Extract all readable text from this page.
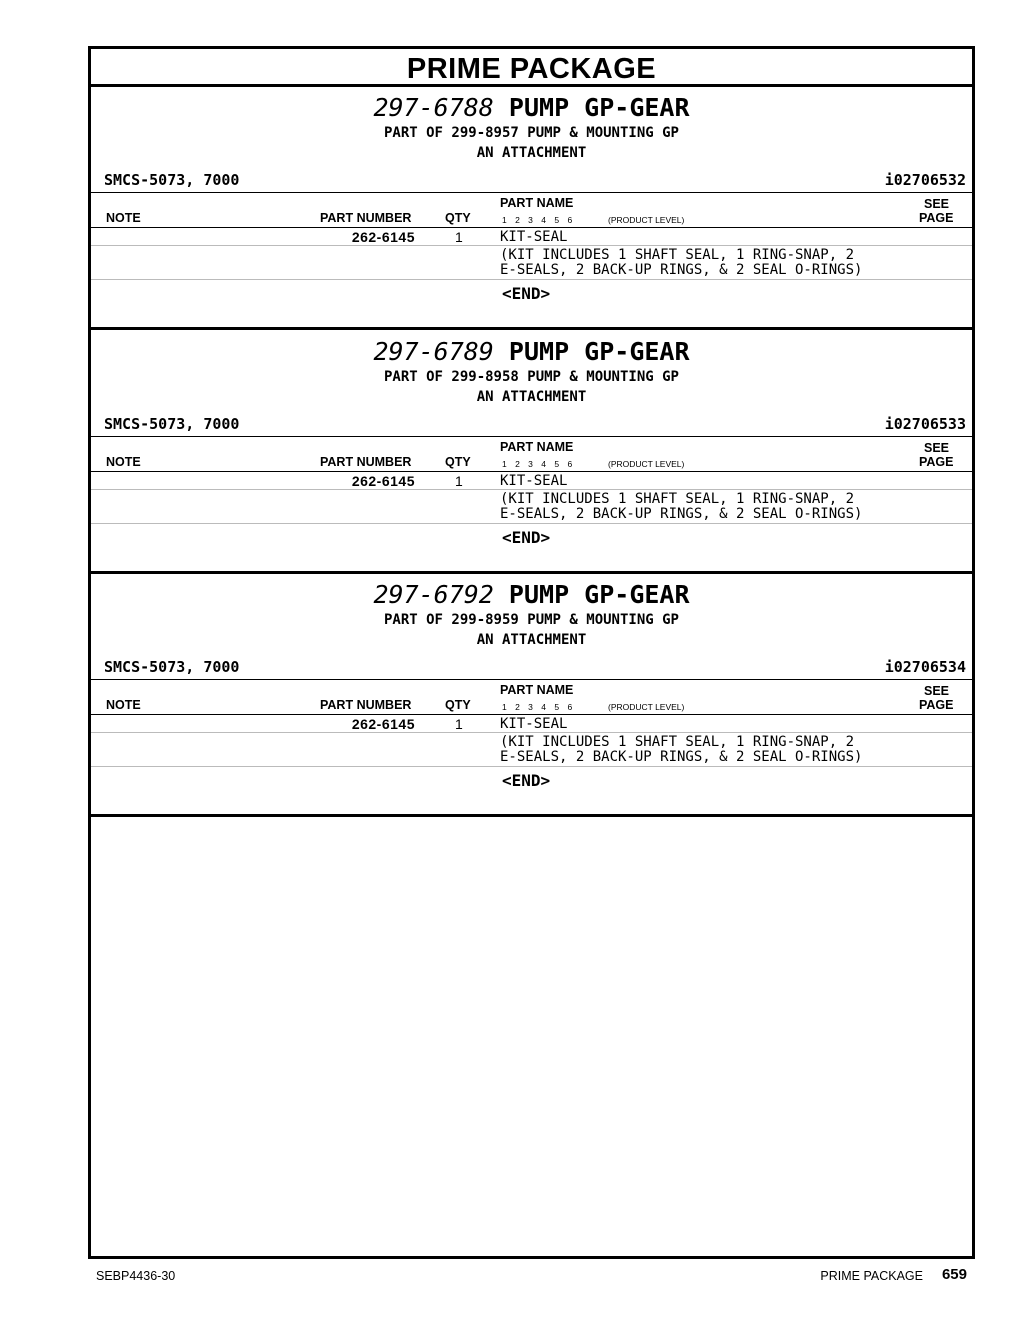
PRIME PACKAGE
297-6788 PUMP GP-GEAR
PART OF 299-8957 PUMP & MOUNTING GP
AN ATTACHMENT
SMCS-5073, 7000	i02706532
PART NAME	SEE
NOTE	PART NUMBER	QTY	1 2 3 4 5 6	(PRODUCT LEVEL)	PAGE
262-6145	1	KIT-SEAL
(KIT INCLUDES 1 SHAFT SEAL, 1 RING-SNAP, 2
E-SEALS, 2 BACK-UP RINGS, & 2 SEAL O-RINGS)
<END>
297-6789 PUMP GP-GEAR
PART OF 299-8958 PUMP & MOUNTING GP
AN ATTACHMENT
SMCS-5073, 7000	i02706533
PART NAME	SEE
NOTE	PART NUMBER	QTY	1 2 3 4 5 6	(PRODUCT LEVEL)	PAGE
262-6145	1	KIT-SEAL
(KIT INCLUDES 1 SHAFT SEAL, 1 RING-SNAP, 2
E-SEALS, 2 BACK-UP RINGS, & 2 SEAL O-RINGS)
<END>
297-6792 PUMP GP-GEAR
PART OF 299-8959 PUMP & MOUNTING GP
AN ATTACHMENT
SMCS-5073, 7000	i02706534
PART NAME	SEE
NOTE	PART NUMBER	QTY	1 2 3 4 5 6	(PRODUCT LEVEL)	PAGE
262-6145	1	KIT-SEAL
(KIT INCLUDES 1 SHAFT SEAL, 1 RING-SNAP, 2
E-SEALS, 2 BACK-UP RINGS, & 2 SEAL O-RINGS)
<END>
SEBP4436-30	PRIME PACKAGE 659
